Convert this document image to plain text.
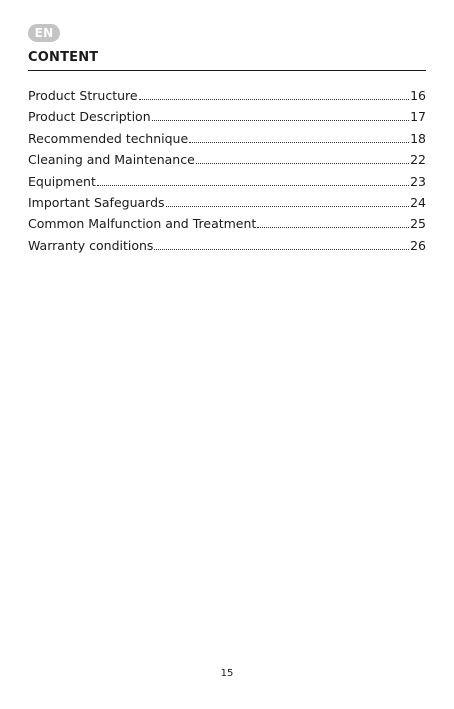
EN
CONTENT
Product Structure	16
Product Description	17
Recommended technique	18
Cleaning and Maintenance	22
Equipment	23
Important Safeguards	24
Common Malfunction and Treatment	25
Warranty conditions	26
15
